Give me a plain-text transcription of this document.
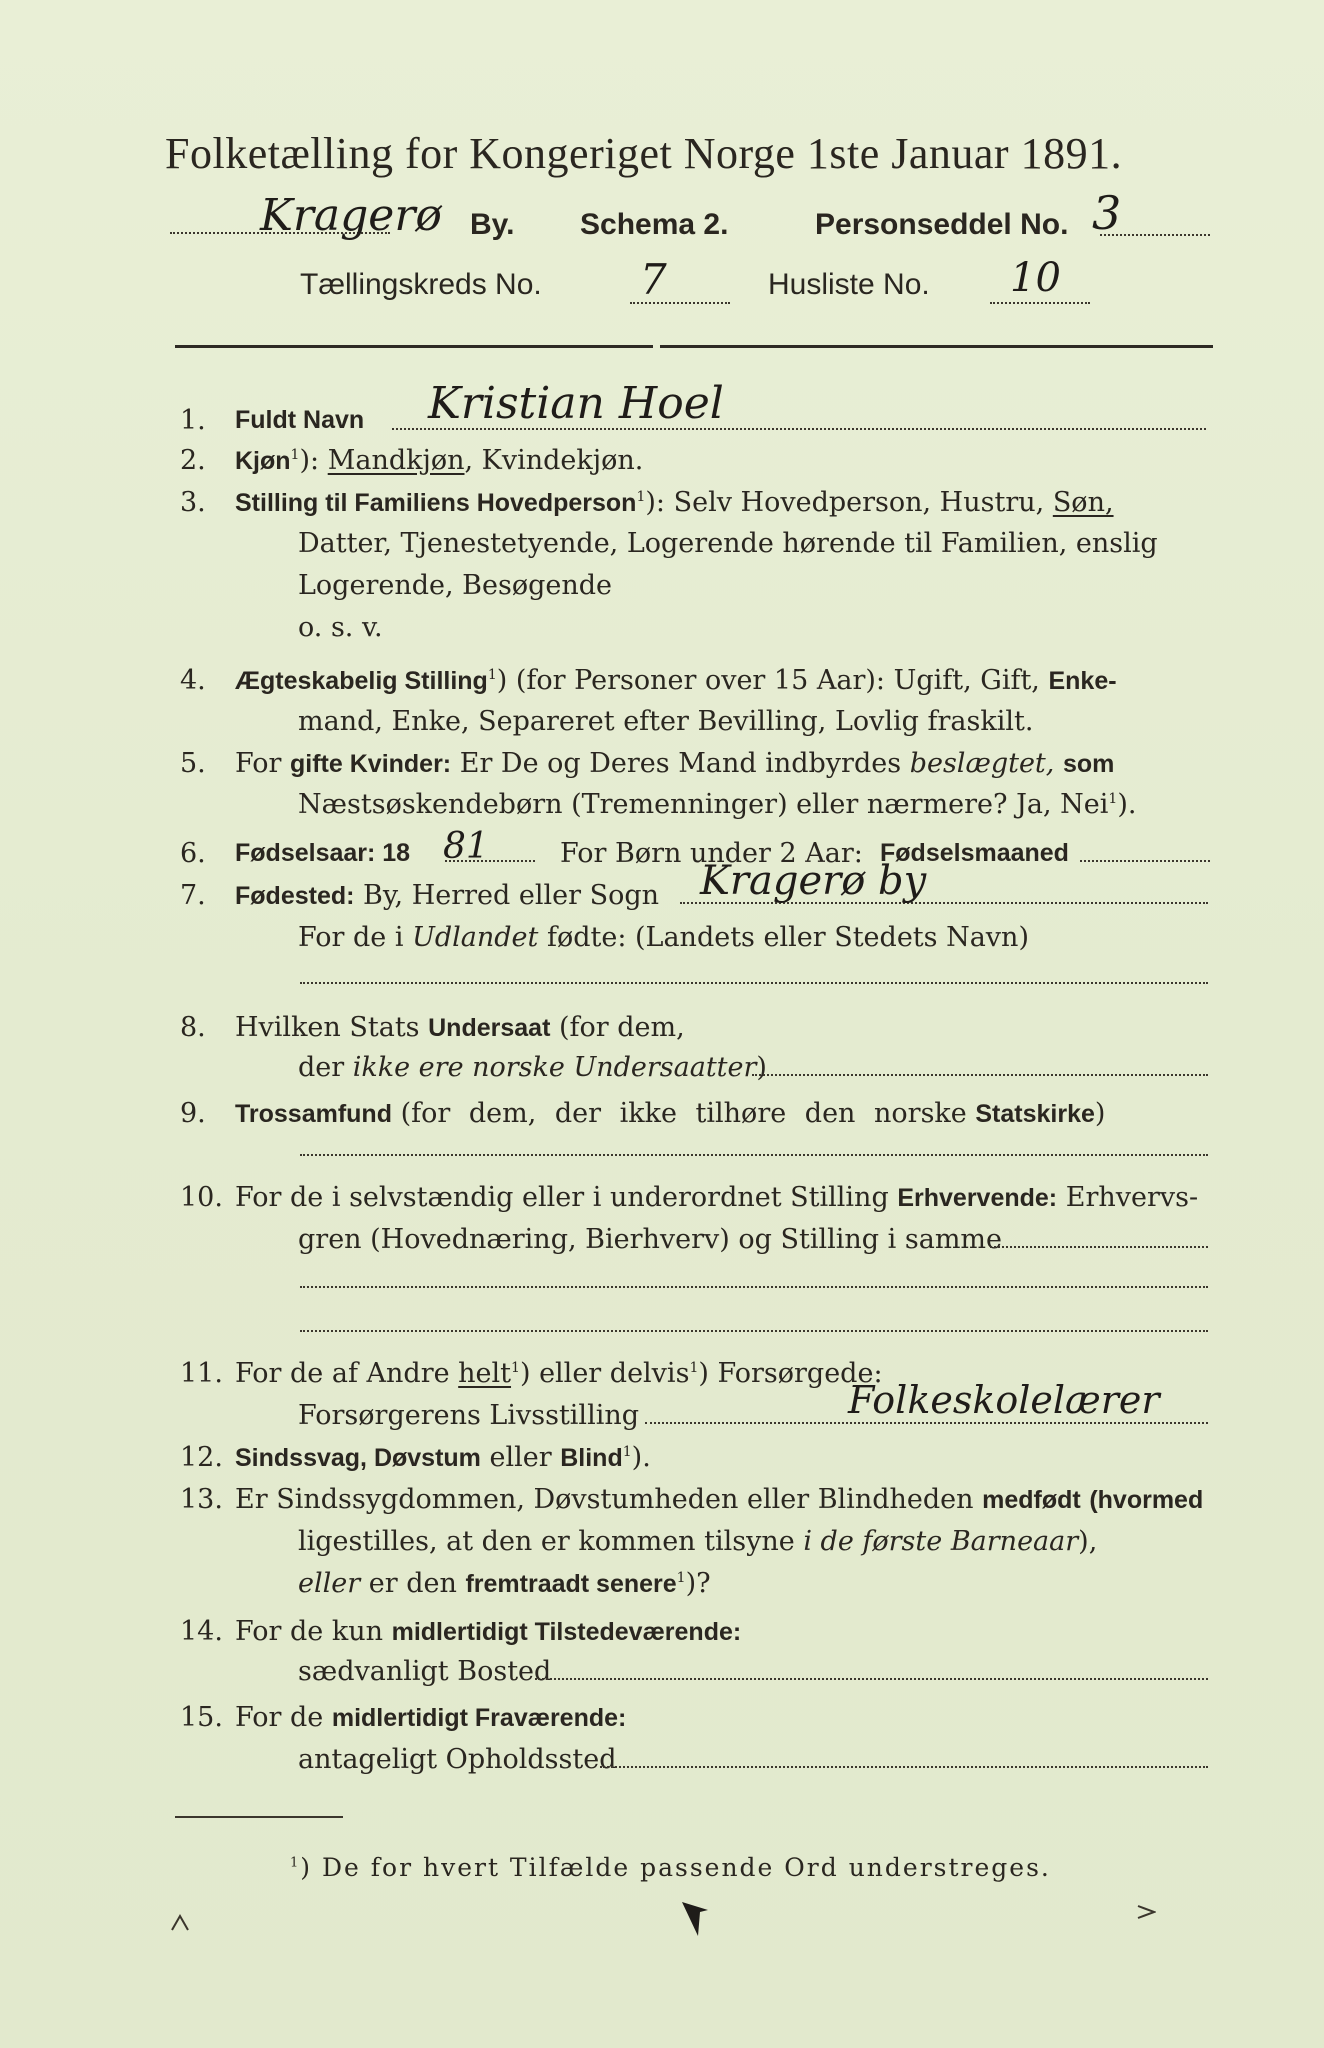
Folketælling for Kongeriget Norge 1ste Januar 1891.
Kragerø By. Schema 2.	Personseddel No. 3
Tællingskreds No. 7	Husliste No. 10
1. Fuldt Navn Kristian Hoel
2. Kjøn$^1$): Mandkjøn, Kvindekjøn.
3. Stilling til Familiens Hovedperson$^1$): Selv Hovedperson, Hustru, Søn,
Datter, Tjenestetyende, Logerende hørende til Familien, enslig
Logerende, Besøgende
o. s. v.
4. Ægteskabelig Stilling$^1$) (for Personer over 15 Aar): Ugift, Gift, Enke-
mand, Enke, Separeret efter Bevilling, Lovlig fraskilt.
5. For gifte Kvinder: Er De og Deres Mand indbyrdes beslægtet, som
Næstsøskendebørn (Tremenninger) eller nærmere? Ja, Nei$^1$).
6. Fødselsaar: 18 81	For Børn under 2 Aar: Fødselsmaaned
7. Fødested: By, Herred eller Sogn Kragerø by
For de i Udlandet fødte: (Landets eller Stedets Navn)
8. Hvilken Stats Undersaat (for dem,
der ikke ere norske Undersaatter)
9. Trossamfund (for dem, der ikke tilhøre den norske Statskirke)
10. For de i selvstændig eller i underordnet Stilling Erhvervende: Erhvervs-
gren (Hovednæring, Bierhverv) og Stilling i samme
11. For de af Andre helt$^1$) eller delvis$^1$) Forsørgede:
Forsørgerens Livsstilling	Folkeskolelærer
12. Sindssvag, Døvstum eller Blind$^1$).
13. Er Sindssygdommen, Døvstumheden eller Blindheden medfødt (hvormed
ligestilles, at den er kommen tilsyne i de første Barneaar),
eller er den fremtraadt senere$^1$)?
14. For de kun midlertidigt Tilstedeværende:
sædvanligt Bosted
15. For de midlertidigt Fraværende:
antageligt Opholdssted
$^1$) De for hvert Tilfælde passende Ord understreges.
